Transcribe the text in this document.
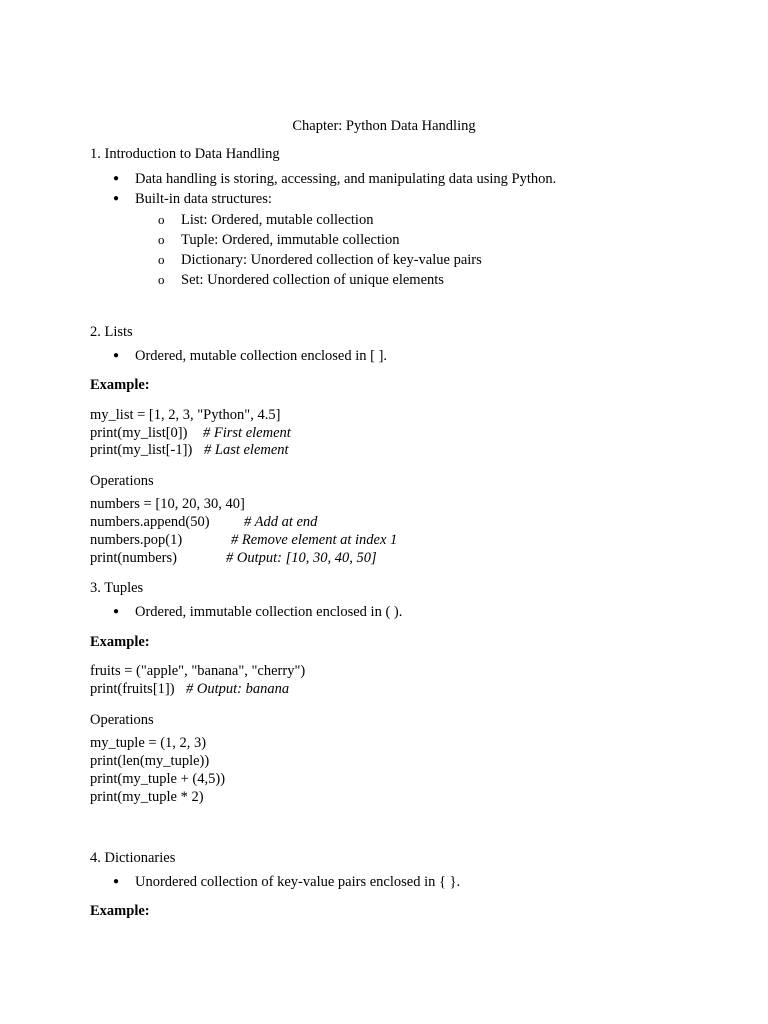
Chapter: Python Data Handling
1. Introduction to Data Handling
● Data handling is storing, accessing, and manipulating data using Python.
● Built-in data structures:
o List: Ordered, mutable collection
o Tuple: Ordered, immutable collection
o Dictionary: Unordered collection of key-value pairs
o Set: Unordered collection of unique elements
2. Lists
● Ordered, mutable collection enclosed in [ ].
Example:
my_list = [1, 2, 3, "Python", 4.5]
print(my_list[0]) # First element
print(my_list[-1]) # Last element
Operations
numbers = [10, 20, 30, 40]
numbers.append(50) # Add at end
numbers.pop(1)	# Remove element at index 1
print(numbers)	# Output: [10, 30, 40, 50]
3. Tuples
● Ordered, immutable collection enclosed in ( ).
Example:
fruits = ("apple", "banana", "cherry")
print(fruits[1]) # Output: banana
Operations
my_tuple = (1, 2, 3)
print(len(my_tuple))
print(my_tuple + (4,5))
print(my_tuple * 2)
4. Dictionaries
● Unordered collection of key-value pairs enclosed in { }.
Example:
